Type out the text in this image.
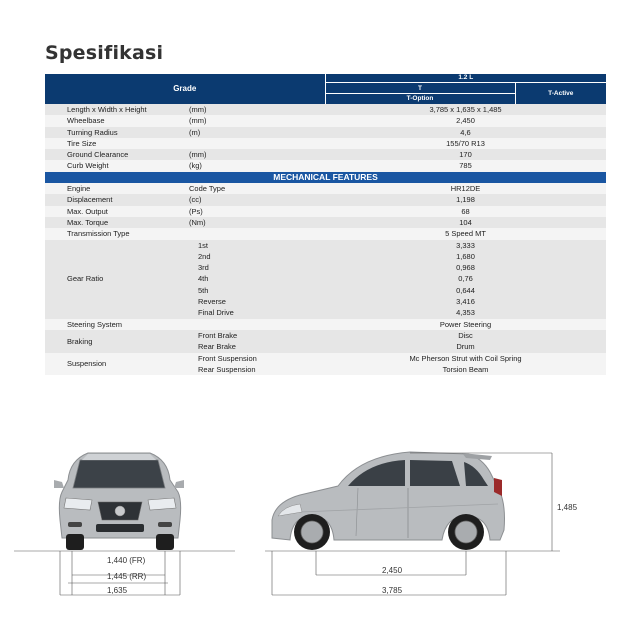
Spesifikasi
Grade		1.2 L	
		T	T-Active
		T-Option	
Length x Width x Height	(mm)	3,785 x 1,635 x 1,485	
Wheelbase	(mm)	2,450	
Turning Radius	(m)	4,6	
Tire Size		155/70 R13	
Ground Clearance	(mm)	170	
Curb Weight	(kg)	785	
MECHANICAL FEATURES			
Engine	Code Type	HR12DE	
Displacement	(cc)	1,198	
Max. Output	(Ps)	68	
Max. Torque	(Nm)	104	
Transmission Type		5 Speed MT	
Gear Ratio	1st	3,333	
	2nd	1,680	
	3rd	0,968	
	4th	0,76	
	5th	0,644	
	Reverse	3,416	
	Final Drive	4,353	
Steering System		Power Steering	
Braking	Front Brake	Disc	
	Rear Brake	Drum	
Suspension	Front Suspension	Mc Pherson Strut with Coil Spring	
	Rear Suspension	Torsion Beam	
1,440 (FR)
1,445 (RR)
1,635
1,485
2,450
3,785
